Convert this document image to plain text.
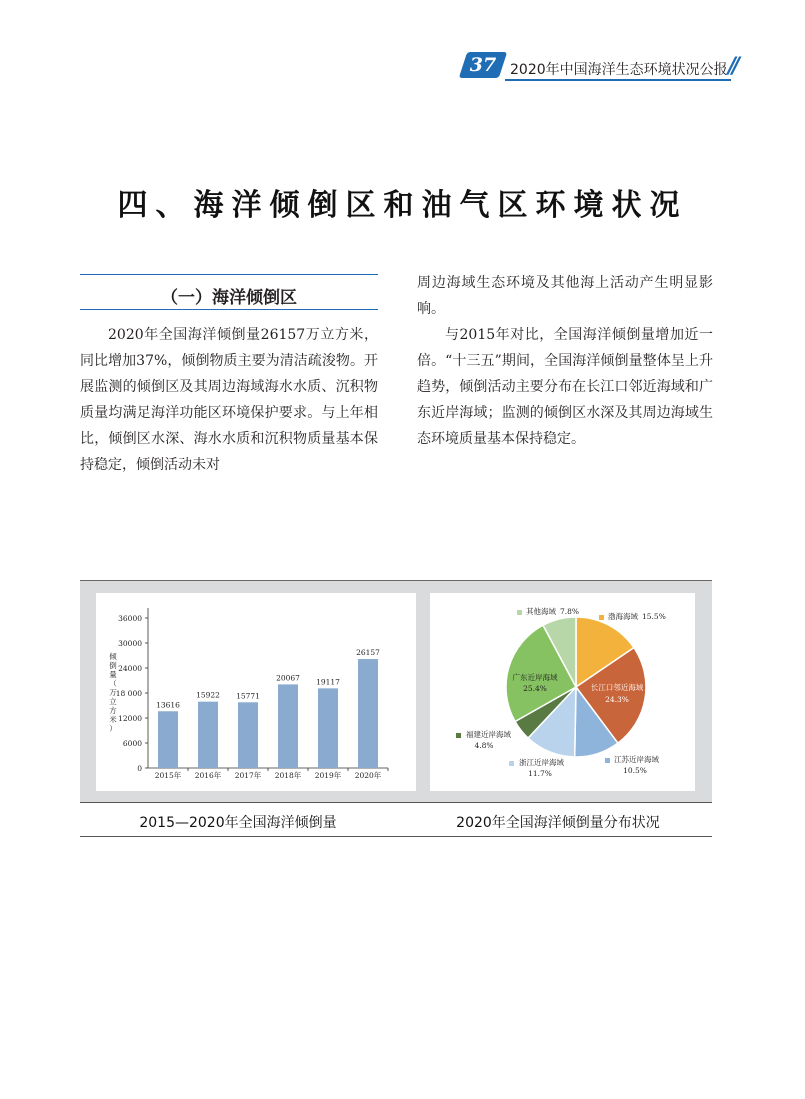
37 2020年中国海洋生态环境状况公报 //
四、海洋倾倒区和油气区环境状况
（一）海洋倾倒区
2020年全国海洋倾倒量26157万立方米，同比增加37%，倾倒物质主要为清洁疏浚物。开展监测的倾倒区及其周边海域海水水质、沉积物质量均满足海洋功能区环境保护要求。与上年相比，倾倒区水深、海水水质和沉积物质量基本保持稳定，倾倒活动未对
周边海域生态环境及其他海上活动产生明显影响。
与2015年对比，全国海洋倾倒量增加近一倍。“十三五”期间，全国海洋倾倒量整体呈上升趋势，倾倒活动主要分布在长江口邻近海域和广东近岸海域；监测的倾倒区水深及其周边海域生态环境质量基本保持稳定。
0
6000
12000
18 000
24000
30000
36000
倾
倒
量
（
万
立
方
米
）
13616
2015年
15922
2016年
15771
2017年
20067
2018年
19117
2019年
26157
2020年
渤海海域 15.5%
长江口邻近海域
24.3%
江苏近岸海域
10.5%
浙江近岸海域
11.7%
福建近岸海域
4.8%
广东近岸海域
25.4%
其他海域 7.8%
2015—2020年全国海洋倾倒量	2020年全国海洋倾倒量分布状况
